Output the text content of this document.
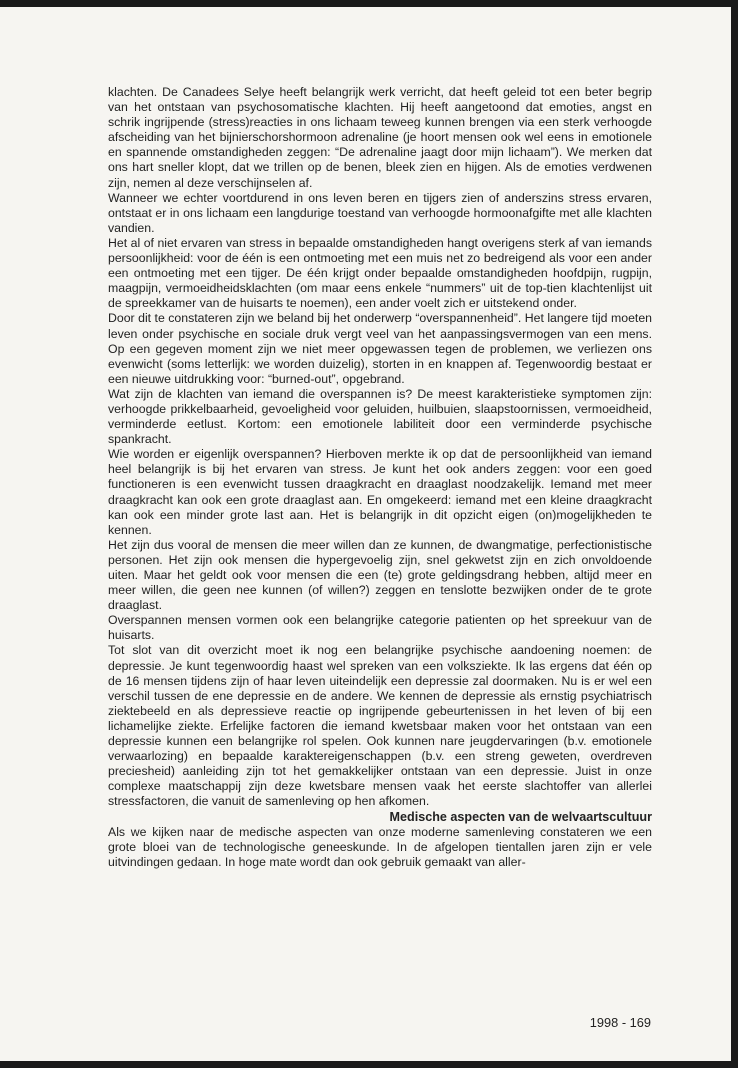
klachten. De Canadees Selye heeft belangrijk werk verricht, dat heeft geleid tot een beter begrip van het ontstaan van psychosomatische klachten. Hij heeft aangetoond dat emoties, angst en schrik ingrijpende (stress)reacties in ons lichaam teweeg kunnen brengen via een sterk verhoogde afscheiding van het bijnierschorshormoon adrenaline (je hoort mensen ook wel eens in emotionele en spannende omstandigheden zeggen: “De adrenaline jaagt door mijn lichaam”). We merken dat ons hart sneller klopt, dat we trillen op de benen, bleek zien en hijgen. Als de emoties verdwenen zijn, nemen al deze verschijnselen af.

Wanneer we echter voortdurend in ons leven beren en tijgers zien of anderszins stress ervaren, ontstaat er in ons lichaam een langdurige toestand van verhoogde hormoonafgifte met alle klachten vandien.

Het al of niet ervaren van stress in bepaalde omstandigheden hangt overigens sterk af van iemands persoonlijkheid: voor de één is een ontmoeting met een muis net zo bedreigend als voor een ander een ontmoeting met een tijger. De één krijgt onder bepaalde omstandigheden hoofdpijn, rugpijn, maagpijn, vermoeidheidsklachten (om maar eens enkele “nummers” uit de top-tien klachtenlijst uit de spreekkamer van de huisarts te noemen), een ander voelt zich er uitstekend onder.

Door dit te constateren zijn we beland bij het onderwerp “overspannenheid”. Het langere tijd moeten leven onder psychische en sociale druk vergt veel van het aanpassingsvermogen van een mens. Op een gegeven moment zijn we niet meer opgewassen tegen de problemen, we verliezen ons evenwicht (soms letterlijk: we worden duizelig), storten in en knappen af. Tegenwoordig bestaat er een nieuwe uitdrukking voor: “burned-out”, opgebrand.

Wat zijn de klachten van iemand die overspannen is? De meest karakteristieke symptomen zijn: verhoogde prikkelbaarheid, gevoeligheid voor geluiden, huilbuien, slaapstoornissen, vermoeidheid, verminderde eetlust. Kortom: een emotionele labiliteit door een verminderde psychische spankracht.

Wie worden er eigenlijk overspannen? Hierboven merkte ik op dat de persoonlijkheid van iemand heel belangrijk is bij het ervaren van stress. Je kunt het ook anders zeggen: voor een goed functioneren is een evenwicht tussen draagkracht en draaglast noodzakelijk. Iemand met meer draagkracht kan ook een grote draaglast aan. En omgekeerd: iemand met een kleine draagkracht kan ook een minder grote last aan. Het is belangrijk in dit opzicht eigen (on)mogelijkheden te kennen.

Het zijn dus vooral de mensen die meer willen dan ze kunnen, de dwangmatige, perfectionistische personen. Het zijn ook mensen die hypergevoelig zijn, snel gekwetst zijn en zich onvoldoende uiten. Maar het geldt ook voor mensen die een (te) grote geldingsdrang hebben, altijd meer en meer willen, die geen nee kunnen (of willen?) zeggen en tenslotte bezwijken onder de te grote draaglast.

Overspannen mensen vormen ook een belangrijke categorie patienten op het spreekuur van de huisarts.

Tot slot van dit overzicht moet ik nog een belangrijke psychische aandoening noemen: de depressie. Je kunt tegenwoordig haast wel spreken van een volksziekte. Ik las ergens dat één op de 16 mensen tijdens zijn of haar leven uiteindelijk een depressie zal doormaken. Nu is er wel een verschil tussen de ene depressie en de andere. We kennen de depressie als ernstig psychiatrisch ziektebeeld en als depressieve reactie op ingrijpende gebeurtenissen in het leven of bij een lichamelijke ziekte. Erfelijke factoren die iemand kwetsbaar maken voor het ontstaan van een depressie kunnen een belangrijke rol spelen. Ook kunnen nare jeugdervaringen (b.v. emotionele verwaarlozing) en bepaalde karaktereigenschappen (b.v. een streng geweten, overdreven preciesheid) aanleiding zijn tot het gemakkelijker ontstaan van een depressie. Juist in onze complexe maatschappij zijn deze kwetsbare mensen vaak het eerste slachtoffer van allerlei stressfactoren, die vanuit de samenleving op hen afkomen.

Medische aspecten van de welvaartscultuur

Als we kijken naar de medische aspecten van onze moderne samenleving constateren we een grote bloei van de technologische geneeskunde. In de afgelopen tientallen jaren zijn er vele uitvindingen gedaan. In hoge mate wordt dan ook gebruik gemaakt van aller-

1998 - 169
